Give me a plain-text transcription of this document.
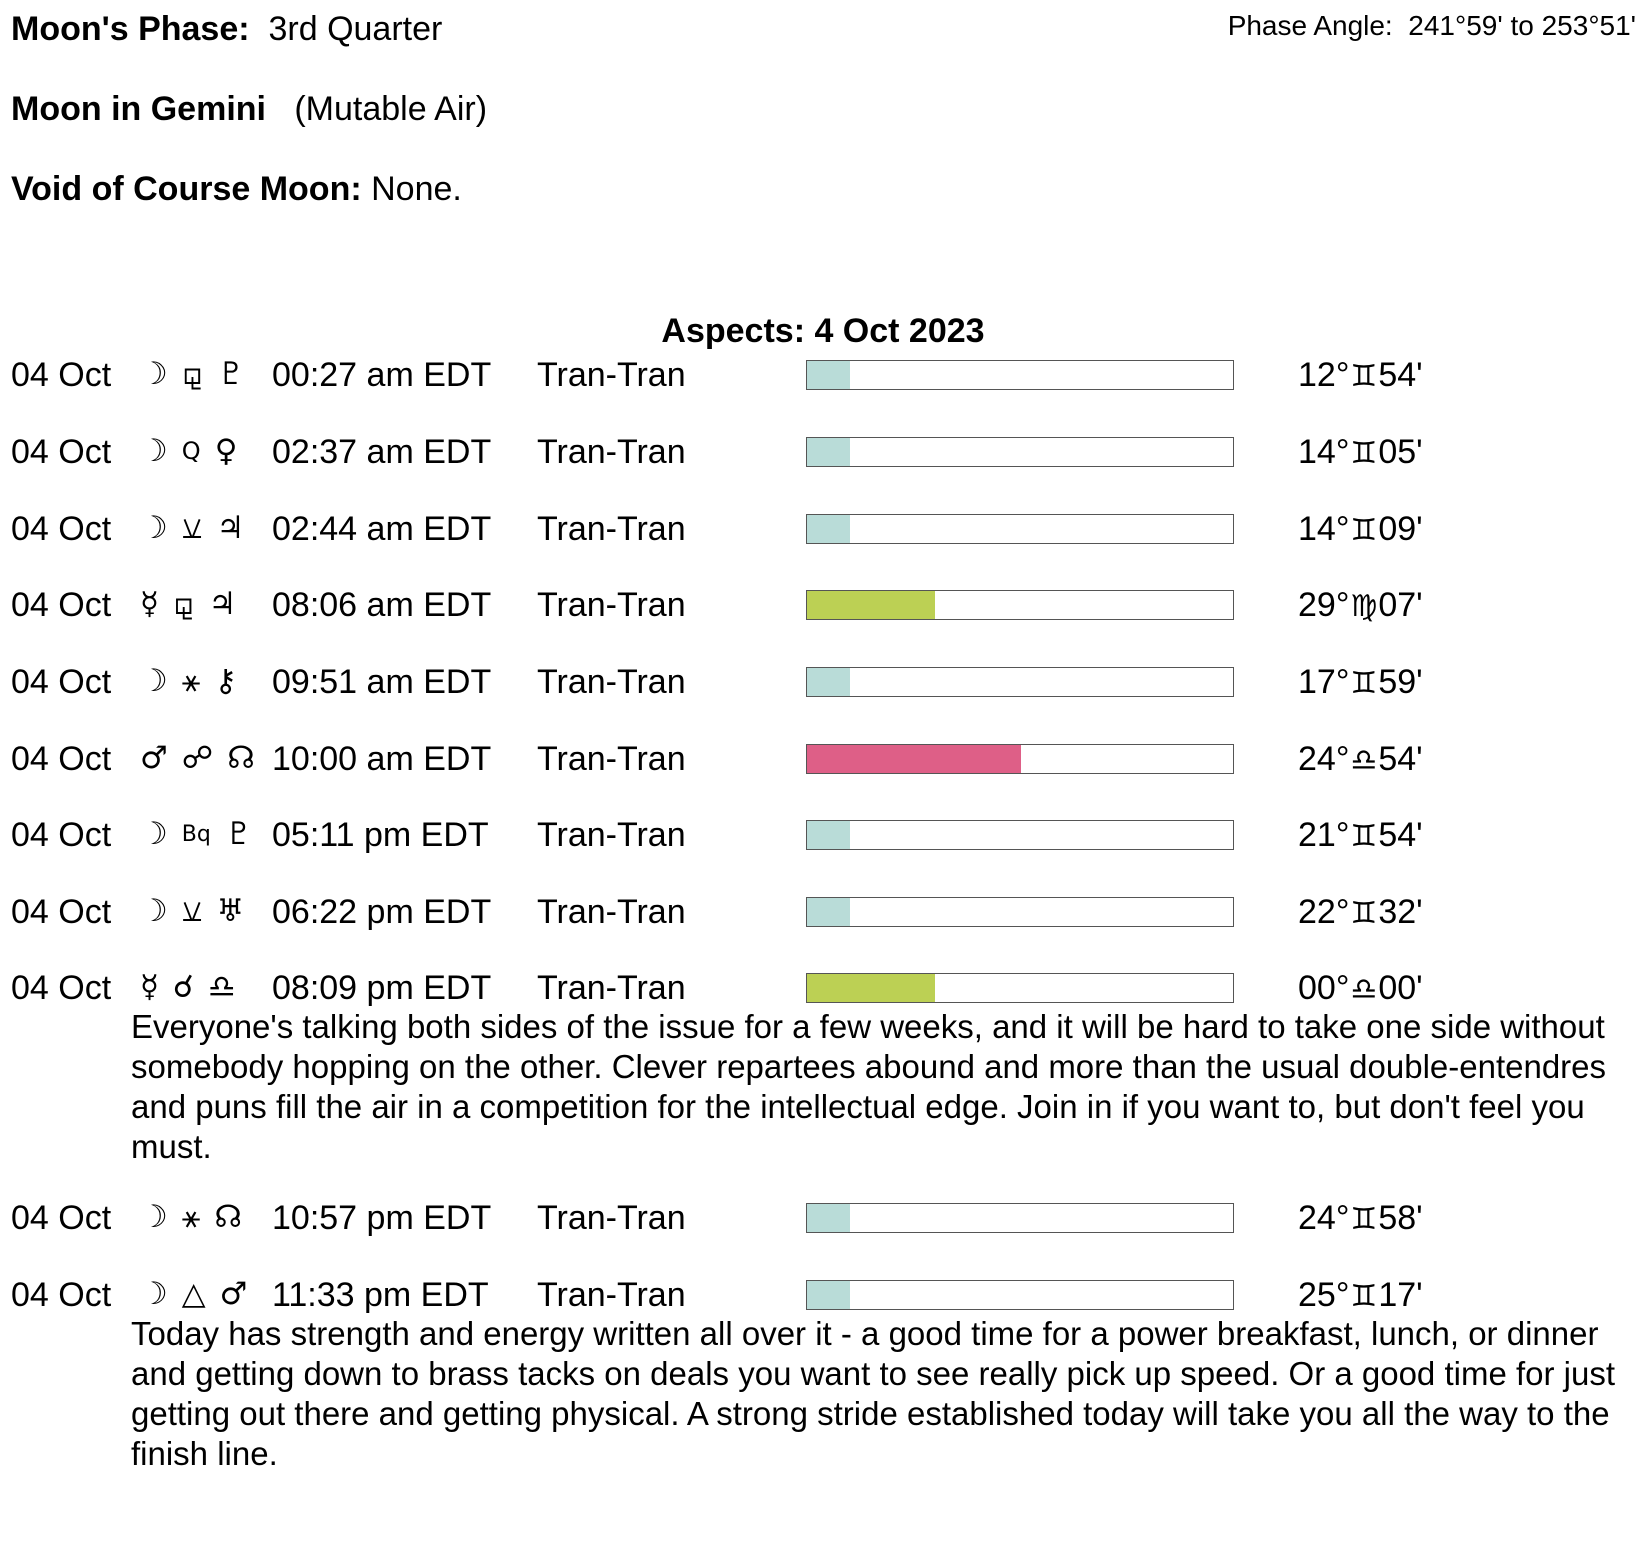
Moon's Phase: 3rd Quarter	Phase Angle: 241°59' to 253°51'
Moon in Gemini (Mutable Air)
Void of Course Moon: None.
Aspects: 4 Oct 2023
04 Oct ☽ ⚼ ♇ 00:27 am EDT Tran-Tran	12°♊54'
04 Oct ☽ Q ♀ 02:37 am EDT Tran-Tran	14°♊05'
04 Oct ☽ ⚺ ♃ 02:44 am EDT Tran-Tran	14°♊09'
04 Oct ☿ ⚼ ♃ 08:06 am EDT Tran-Tran	29°♍07'
04 Oct ☽ ⚹ ⚷ 09:51 am EDT Tran-Tran	17°♊59'
04 Oct ♂ ☍ ☊ 10:00 am EDT Tran-Tran	24°♎54'
04 Oct ☽ Bq ♇ 05:11 pm EDT Tran-Tran	21°♊54'
04 Oct ☽ ⚺ ♅ 06:22 pm EDT Tran-Tran	22°♊32'
04 Oct ☿ ☌ ♎ 08:09 pm EDT Tran-Tran	00°♎00'
Everyone's talking both sides of the issue for a few weeks, and it will be hard to take one side without somebody hopping on the other. Clever repartees abound and more than the usual double-entendres and puns fill the air in a competition for the intellectual edge. Join in if you want to, but don't feel you must.
04 Oct ☽ ⚹ ☊ 10:57 pm EDT Tran-Tran	24°♊58'
04 Oct ☽ △ ♂ 11:33 pm EDT Tran-Tran	25°♊17'
Today has strength and energy written all over it - a good time for a power breakfast, lunch, or dinner and getting down to brass tacks on deals you want to see really pick up speed. Or a good time for just getting out there and getting physical. A strong stride established today will take you all the way to the finish line.
